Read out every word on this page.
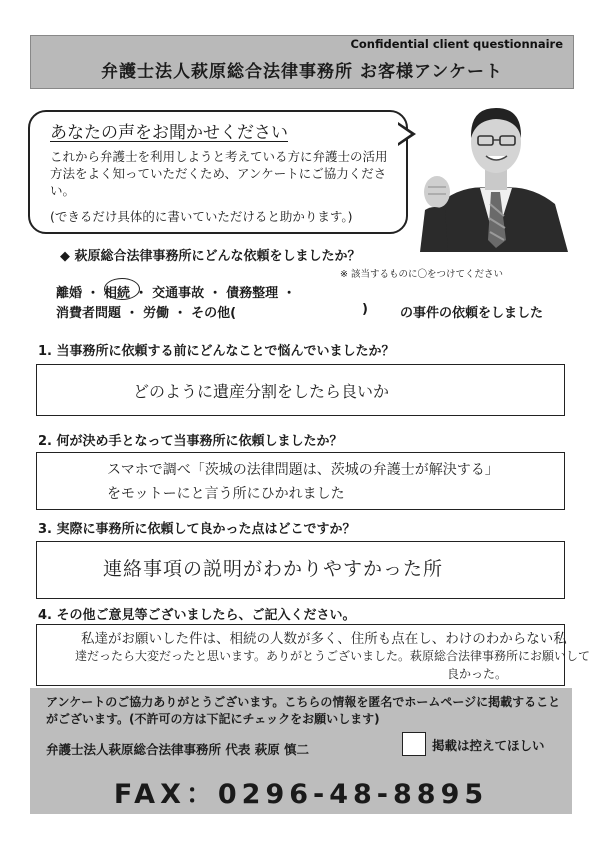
Confidential client questionnaire
弁護士法人萩原総合法律事務所 お客様アンケート
あなたの声をお聞かせください
これから弁護士を利用しようと考えている方に弁護士の活用方法をよく知っていただくため、アンケートにご協力ください。
(できるだけ具体的に書いていただけると助かります。)
◆ 萩原総合法律事務所にどんな依頼をしましたか？
※ 該当するものに〇をつけてください
離婚 ・ 相続 ・ 交通事故 ・ 債務整理 ・
消費者問題 ・ 労働 ・ その他(	) の事件の依頼をしました
1. 当事務所に依頼する前にどんなことで悩んでいましたか？
どのように遺産分割をしたら良いか
2. 何が決め手となって当事務所に依頼しましたか？
スマホで調べ「茨城の法律問題は、茨城の弁護士が解決する」
をモットーにと言う所にひかれました
3. 実際に事務所に依頼して良かった点はどこですか？
連絡事項の説明がわかりやすかった所
4. その他ご意見等ございましたら、ご記入ください。
私達がお願いした件は、相続の人数が多く、住所も点在し、わけのわからない私
達だったら大変だったと思います。ありがとうございました。萩原総合法律事務所にお願いして
良かった。
アンケートのご協力ありがとうございます。こちらの情報を匿名でホームページに掲載することがございます。(不許可の方は下記にチェックをお願いします)
弁護士法人萩原総合法律事務所 代表 萩原 慎二	掲載は控えてほしい
FAX：0296-48-8895
